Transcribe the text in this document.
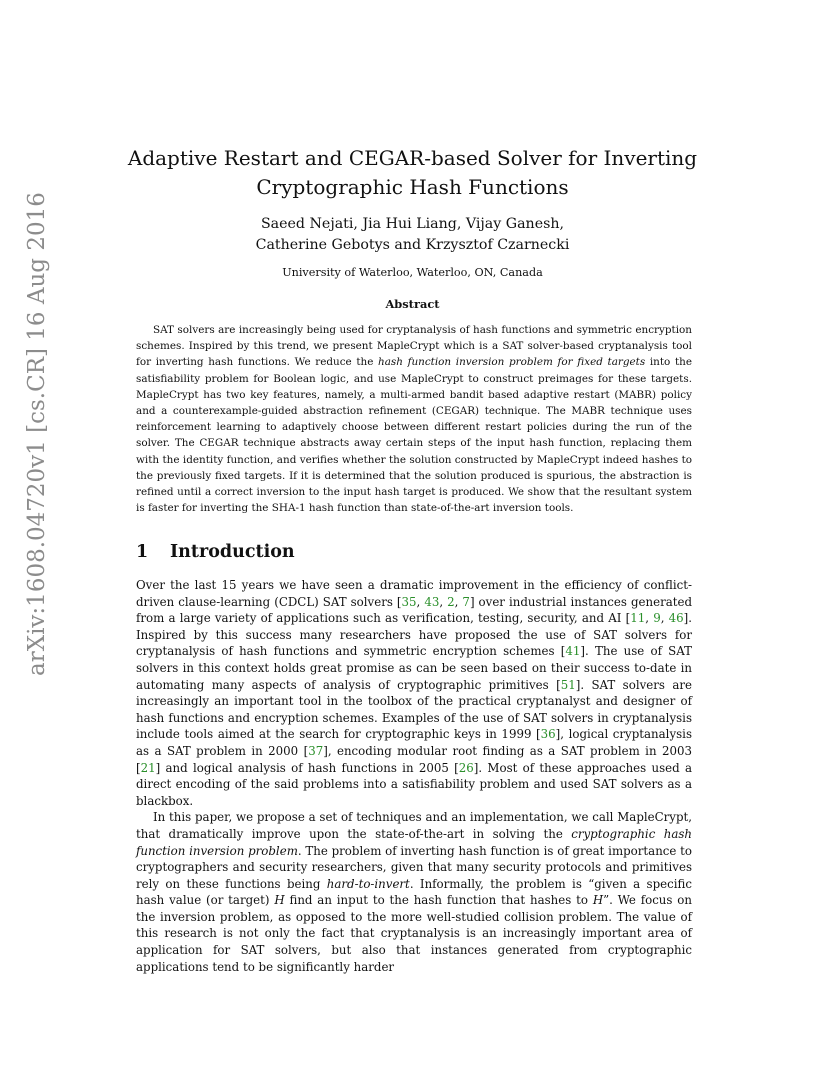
arXiv:1608.04720v1 [cs.CR] 16 Aug 2016
Adaptive Restart and CEGAR-based Solver for Inverting
Cryptographic Hash Functions
Saeed Nejati, Jia Hui Liang, Vijay Ganesh,
Catherine Gebotys and Krzysztof Czarnecki
University of Waterloo, Waterloo, ON, Canada
Abstract

SAT solvers are increasingly being used for cryptanalysis of hash functions and symmetric encryption schemes. Inspired by this trend, we present MapleCrypt which is a SAT solver-based cryptanalysis tool for inverting hash functions. We reduce the hash function inversion problem for fixed targets into the satisfiability problem for Boolean logic, and use MapleCrypt to construct preimages for these targets. MapleCrypt has two key features, namely, a multi-armed bandit based adaptive restart (MABR) policy and a counterexample-guided abstraction refinement (CEGAR) technique. The MABR technique uses reinforcement learning to adaptively choose between different restart policies during the run of the solver. The CEGAR technique abstracts away certain steps of the input hash function, replacing them with the identity function, and verifies whether the solution constructed by MapleCrypt indeed hashes to the previously fixed targets. If it is determined that the solution produced is spurious, the abstraction is refined until a correct inversion to the input hash target is produced. We show that the resultant system is faster for inverting the SHA-1 hash function than state-of-the-art inversion tools.

1 Introduction

Over the last 15 years we have seen a dramatic improvement in the efficiency of conflict-driven clause-learning (CDCL) SAT solvers [35, 43, 2, 7] over industrial instances generated from a large variety of applications such as verification, testing, security, and AI [11, 9, 46]. Inspired by this success many researchers have proposed the use of SAT solvers for cryptanalysis of hash functions and symmetric encryption schemes [41]. The use of SAT solvers in this context holds great promise as can be seen based on their success to-date in automating many aspects of analysis of cryptographic primitives [51]. SAT solvers are increasingly an important tool in the toolbox of the practical cryptanalyst and designer of hash functions and encryption schemes. Examples of the use of SAT solvers in cryptanalysis include tools aimed at the search for cryptographic keys in 1999 [36], logical cryptanalysis as a SAT problem in 2000 [37], encoding modular root finding as a SAT problem in 2003 [21] and logical analysis of hash functions in 2005 [26]. Most of these approaches used a direct encoding of the said problems into a satisfiability problem and used SAT solvers as a blackbox.

In this paper, we propose a set of techniques and an implementation, we call MapleCrypt, that dramatically improve upon the state-of-the-art in solving the cryptographic hash function inversion problem. The problem of inverting hash function is of great importance to cryptographers and security researchers, given that many security protocols and primitives rely on these functions being hard-to-invert. Informally, the problem is “given a specific hash value (or target) H find an input to the hash function that hashes to H”. We focus on the inversion problem, as opposed to the more well-studied collision problem. The value of this research is not only the fact that cryptanalysis is an increasingly important area of application for SAT solvers, but also that instances generated from cryptographic applications tend to be significantly harder
